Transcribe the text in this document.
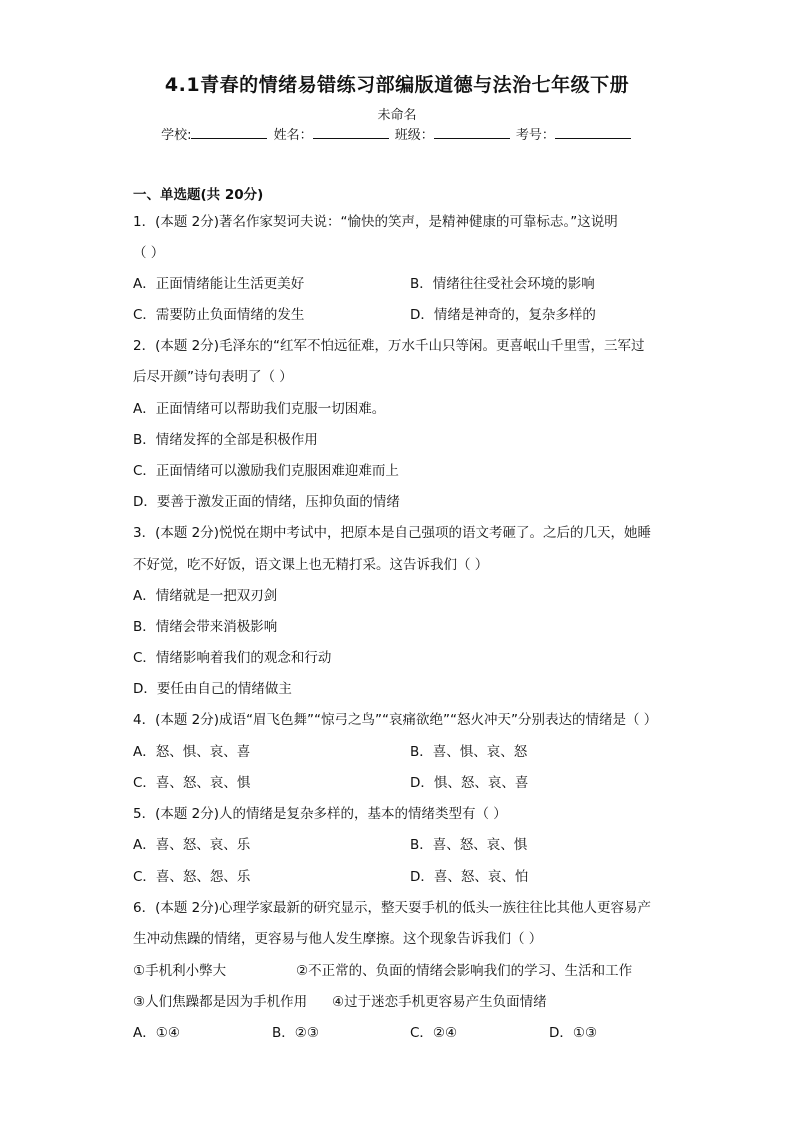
4.1青春的情绪易错练习部编版道德与法治七年级下册
未命名
学校:	姓名：	班级：	考号：
一、单选题(共 20分)
1．(本题 2分)著名作家契诃夫说：“愉快的笑声，是精神健康的可靠标志。”这说明
（ ）
A．正面情绪能让生活更美好	B．情绪往往受社会环境的影响
C．需要防止负面情绪的发生	D．情绪是神奇的，复杂多样的
2．(本题 2分)毛泽东的“红军不怕远征难，万水千山只等闲。更喜岷山千里雪，三军过
后尽开颜”诗句表明了（ ）
A．正面情绪可以帮助我们克服一切困难。
B．情绪发挥的全部是积极作用
C．正面情绪可以激励我们克服困难迎难而上
D．要善于激发正面的情绪，压抑负面的情绪
3．(本题 2分)悦悦在期中考试中，把原本是自己强项的语文考砸了。之后的几天，她睡
不好觉，吃不好饭，语文课上也无精打采。这告诉我们（ ）
A．情绪就是一把双刃剑
B．情绪会带来消极影响
C．情绪影响着我们的观念和行动
D．要任由自己的情绪做主
4．(本题 2分)成语“眉飞色舞”“惊弓之鸟”“哀痛欲绝”“怒火冲天”分别表达的情绪是（ ）
A．怒、惧、哀、喜	B．喜、惧、哀、怒
C．喜、怒、哀、惧	D．惧、怒、哀、喜
5．(本题 2分)人的情绪是复杂多样的，基本的情绪类型有（ ）
A．喜、怒、哀、乐	B．喜、怒、哀、惧
C．喜、怒、怨、乐	D．喜、怒、哀、怕
6．(本题 2分)心理学家最新的研究显示，整天耍手机的低头一族往往比其他人更容易产
生冲动焦躁的情绪，更容易与他人发生摩擦。这个现象告诉我们（ ）
①手机利小弊大	②不正常的、负面的情绪会影响我们的学习、生活和工作
③人们焦躁都是因为手机作用 ④过于迷恋手机更容易产生负面情绪
A．①④	B．②③	C．②④	D．①③
